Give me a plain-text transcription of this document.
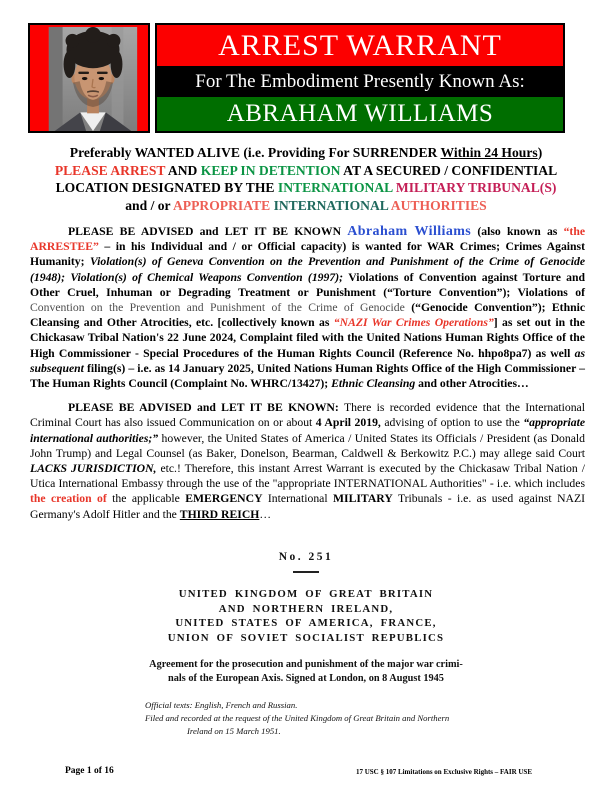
ARREST WARRANT
For The Embodiment Presently Known As:
ABRAHAM WILLIAMS
Preferably WANTED ALIVE (i.e. Providing For SURRENDER Within 24 Hours)
PLEASE ARREST AND KEEP IN DETENTION AT A SECURED / CONFIDENTIAL
LOCATION DESIGNATED BY THE INTERNATIONAL MILITARY TRIBUNAL(S)
and / or APPROPRIATE INTERNATIONAL AUTHORITIES

PLEASE BE ADVISED and LET IT BE KNOWN Abraham Williams (also known as “the ARRESTEE” – in his Individual and / or Official capacity) is wanted for WAR Crimes; Crimes Against Humanity; Violation(s) of Geneva Convention on the Prevention and Punishment of the Crime of Genocide (1948); Violation(s) of Chemical Weapons Convention (1997); Violations of Convention against Torture and Other Cruel, Inhuman or Degrading Treatment or Punishment (“Torture Convention”); Violations of Convention on the Prevention and Punishment of the Crime of Genocide (“Genocide Convention”); Ethnic Cleansing and Other Atrocities, etc. [collectively known as “NAZI War Crimes Operations”] as set out in the Chickasaw Tribal Nation's 22 June 2024, Complaint filed with the United Nations Human Rights Office of the High Commissioner - Special Procedures of the Human Rights Council (Reference No. hhpo8pa7) as well as subsequent filing(s) – i.e. as 14 January 2025, United Nations Human Rights Office of the High Commissioner – The Human Rights Council (Complaint No. WHRC/13427); Ethnic Cleansing and other Atrocities…

PLEASE BE ADVISED and LET IT BE KNOWN: There is recorded evidence that the International Criminal Court has also issued Communication on or about 4 April 2019, advising of option to use the “appropriate international authorities;” however, the United States of America / United States its Officials / President (as Donald John Trump) and Legal Counsel (as Baker, Donelson, Bearman, Caldwell & Berkowitz P.C.) may allege said Court LACKS JURISDICTION, etc.! Therefore, this instant Arrest Warrant is executed by the Chickasaw Tribal Nation / Utica International Embassy through the use of the "appropriate INTERNATIONAL Authorities" - i.e. which includes the creation of the applicable EMERGENCY International MILITARY Tribunals - i.e. as used against NAZI Germany's Adolf Hitler and the THIRD REICH…

No. 251
UNITED KINGDOM OF GREAT BRITAIN
AND NORTHERN IRELAND,
UNITED STATES OF AMERICA, FRANCE,
UNION OF SOVIET SOCIALIST REPUBLICS
Agreement for the prosecution and punishment of the major war crimi-
nals of the European Axis. Signed at London, on 8 August 1945
Official texts: English, French and Russian.
Filed and recorded at the request of the United Kingdom of Great Britain and Northern
Ireland on 15 March 1951.
Page 1 of 16	17 USC § 107 Limitations on Exclusive Rights – FAIR USE
